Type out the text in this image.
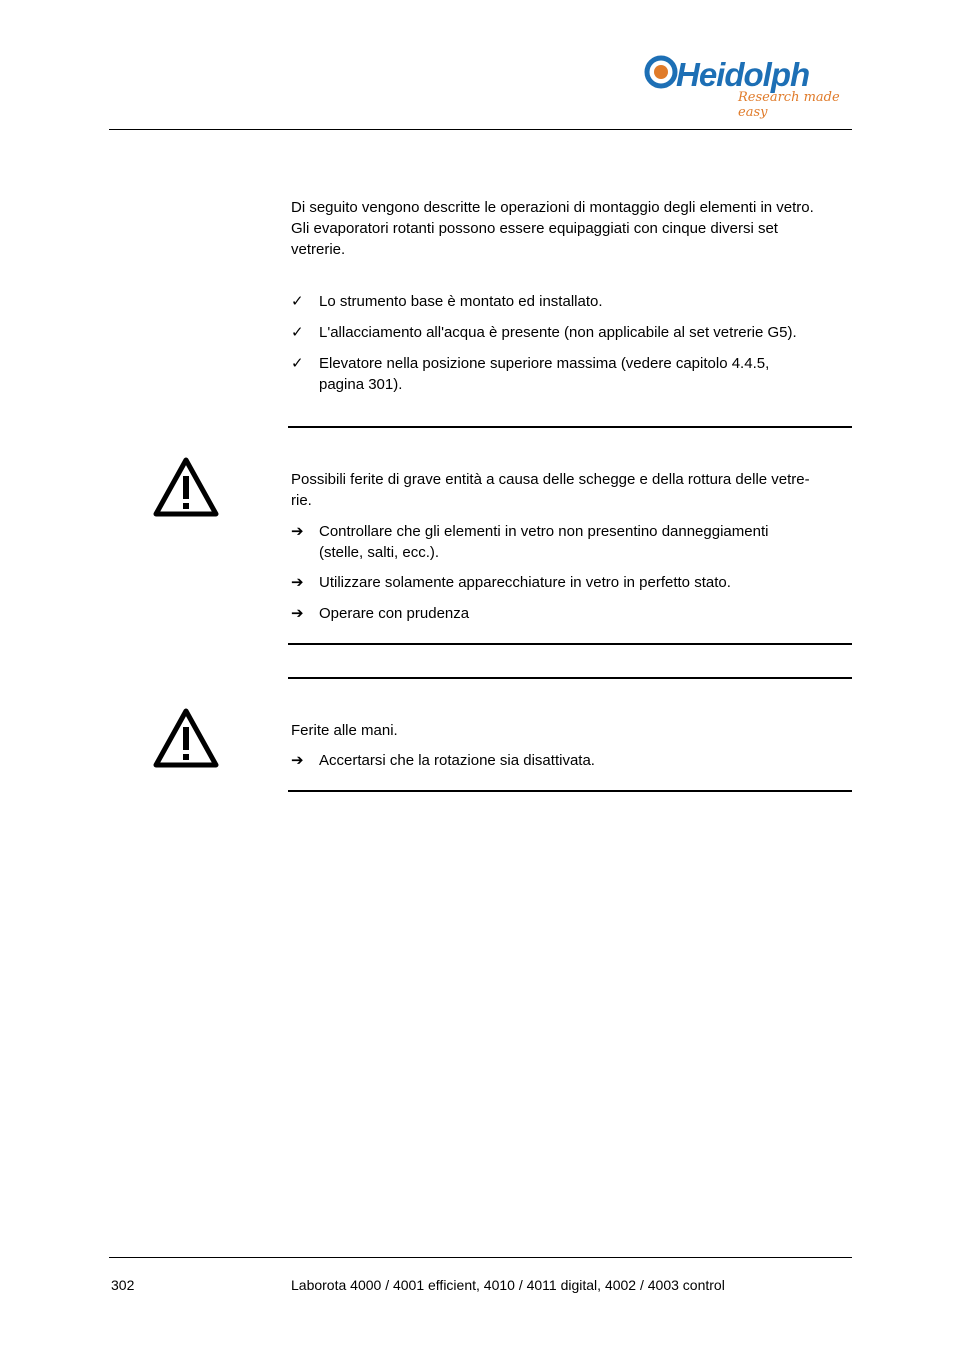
Heidolph
Research made easy
Di seguito vengono descritte le operazioni di montaggio degli elementi in vetro.
Gli evaporatori rotanti possono essere equipaggiati con cinque diversi set
vetrerie.
✓	Lo strumento base è montato ed installato.
✓	L'allacciamento all'acqua è presente (non applicabile al set vetrerie G5).
✓	Elevatore nella posizione superiore massima (vedere capitolo 4.4.5,
pagina 301).
Possibili ferite di grave entità a causa delle schegge e della rottura delle vetre-
rie.
➔	Controllare che gli elementi in vetro non presentino danneggiamenti
(stelle, salti, ecc.).
➔	Utilizzare solamente apparecchiature in vetro in perfetto stato.
➔	Operare con prudenza
Ferite alle mani.
➔	Accertarsi che la rotazione sia disattivata.
302	Laborota 4000 / 4001 efficient, 4010 / 4011 digital, 4002 / 4003 control
